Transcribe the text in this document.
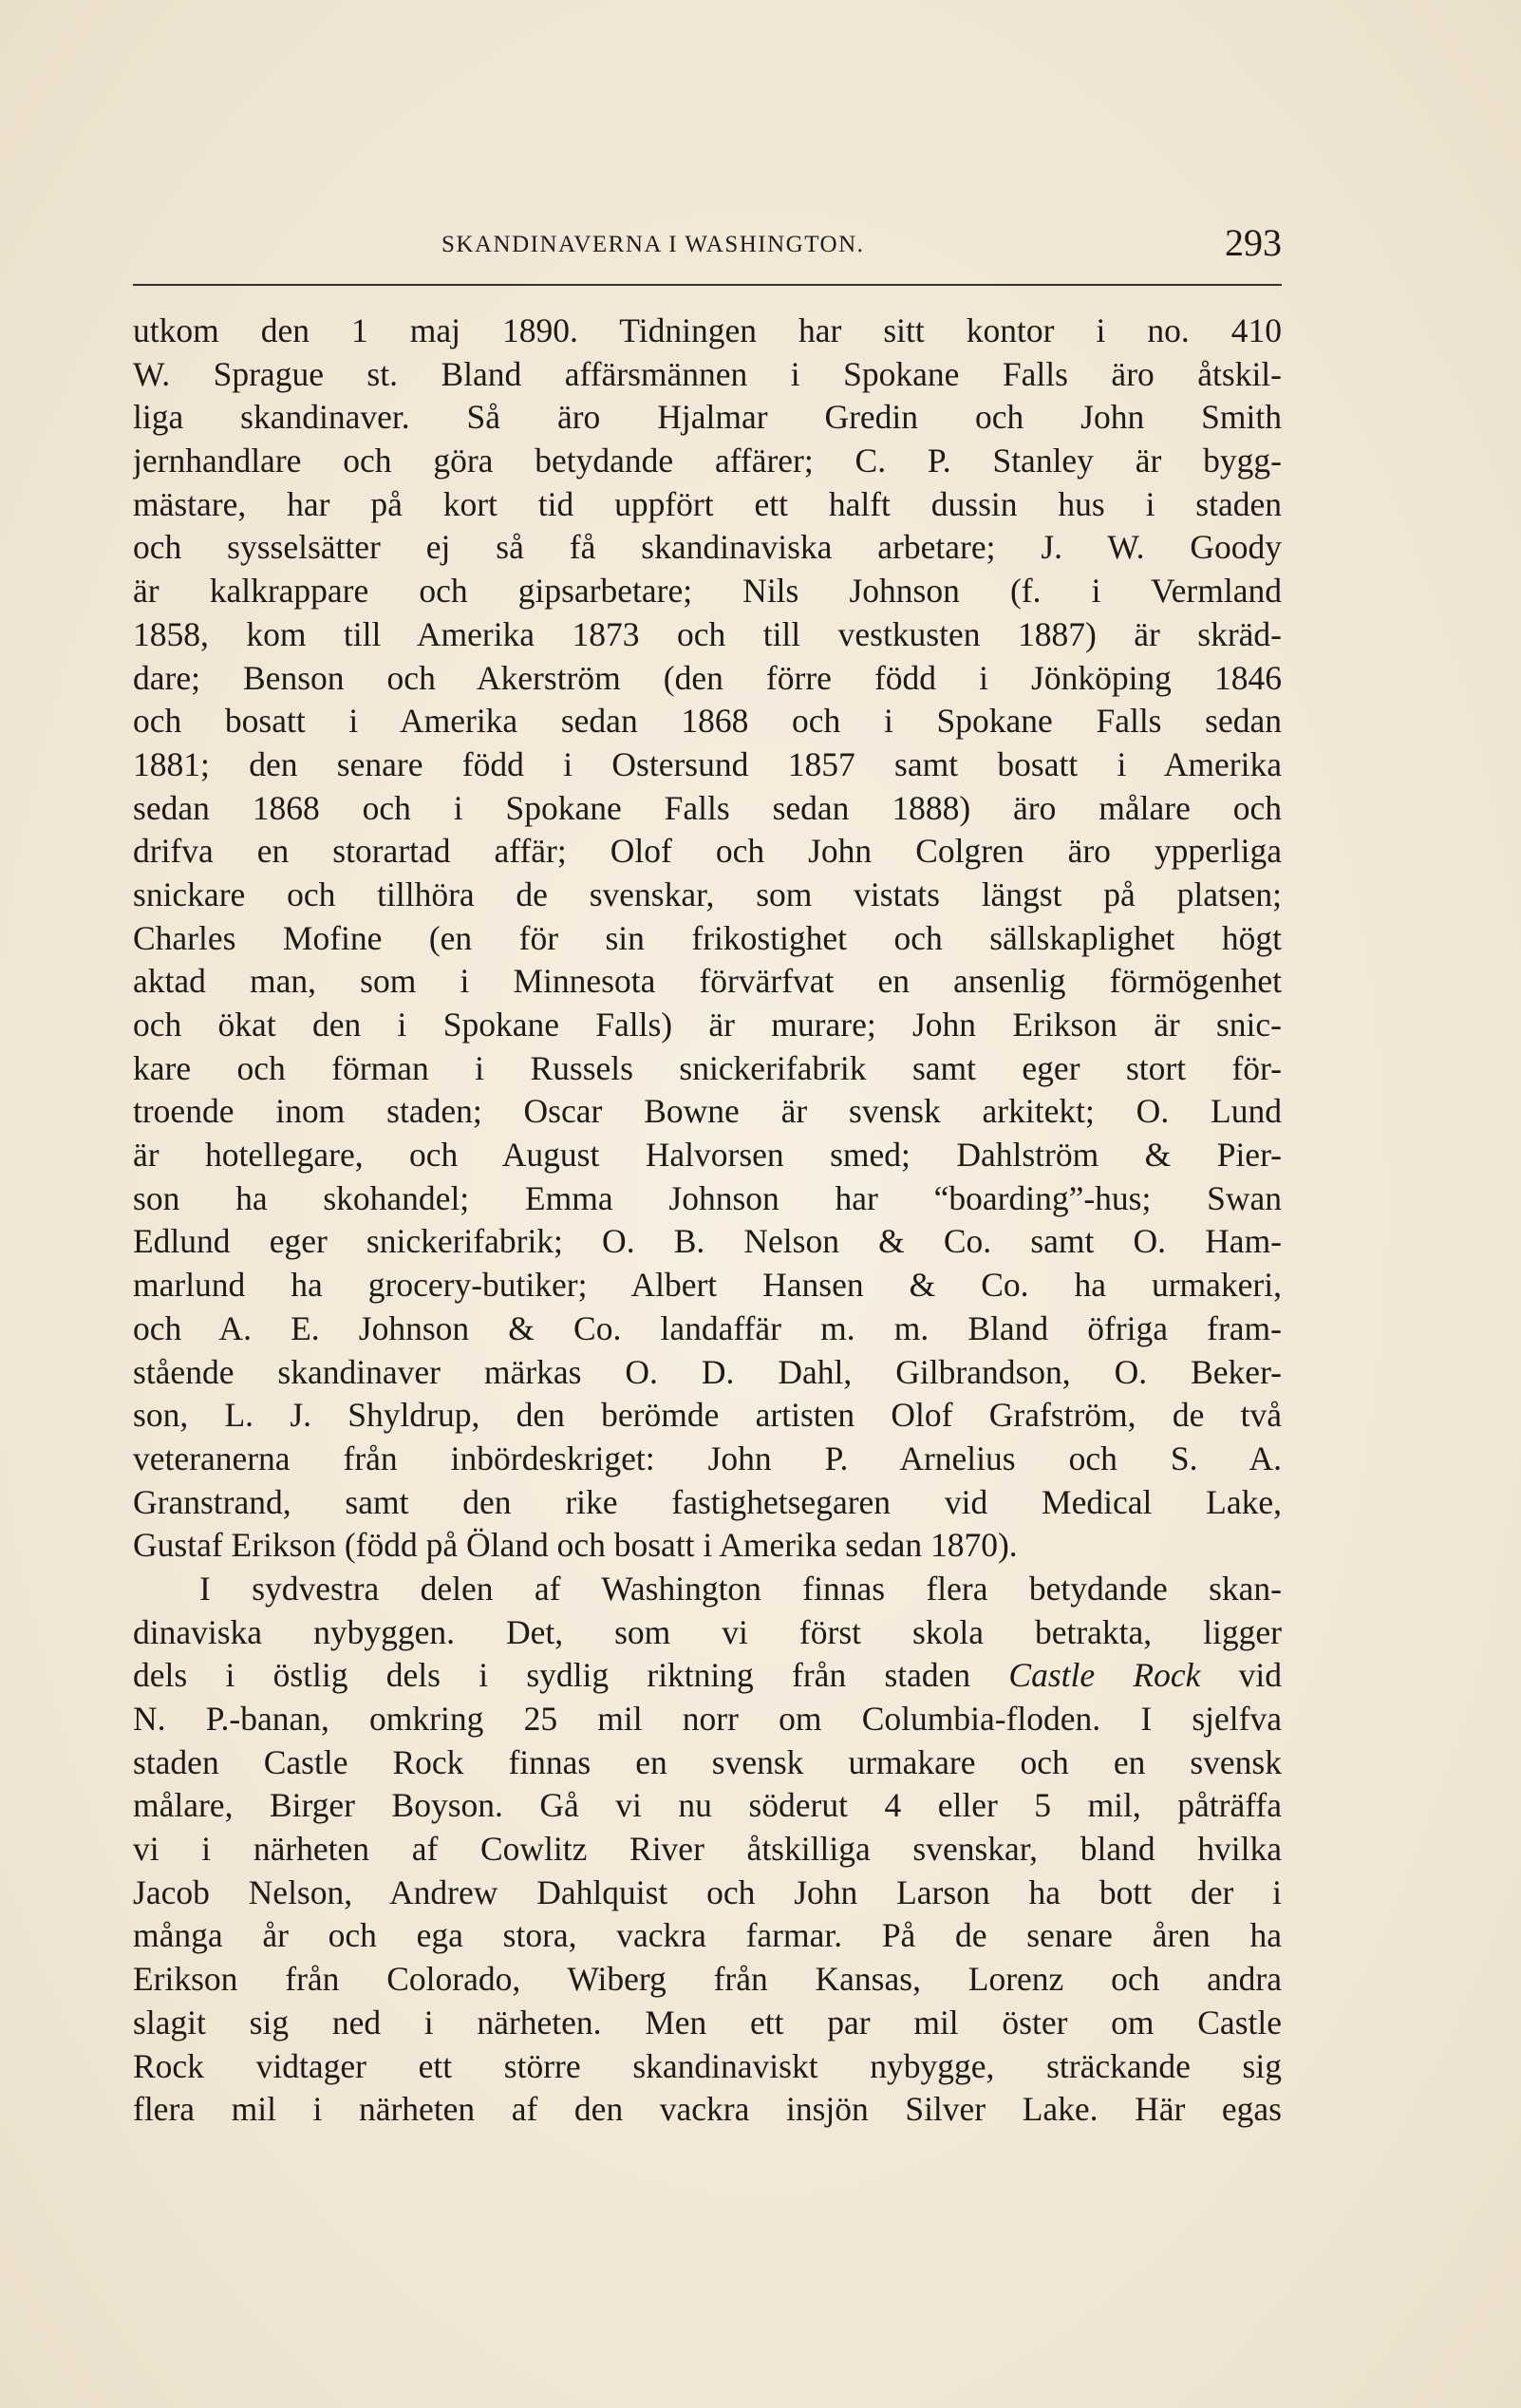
SKANDINAVERNA I WASHINGTON.	293
utkom den 1 maj 1890. Tidningen har sitt kontor i no. 410
W. Sprague st. Bland affärsmännen i Spokane Falls äro åtskil-
liga skandinaver. Så äro Hjalmar Gredin och John Smith
jernhandlare och göra betydande affärer; C. P. Stanley är bygg-
mästare, har på kort tid uppfört ett halft dussin hus i staden
och sysselsätter ej så få skandinaviska arbetare; J. W. Goody
är kalkrappare och gipsarbetare; Nils Johnson (f. i Vermland
1858, kom till Amerika 1873 och till vestkusten 1887) är skräd-
dare; Benson och Akerström (den förre född i Jönköping 1846
och bosatt i Amerika sedan 1868 och i Spokane Falls sedan
1881; den senare född i Ostersund 1857 samt bosatt i Amerika
sedan 1868 och i Spokane Falls sedan 1888) äro målare och
drifva en storartad affär; Olof och John Colgren äro ypperliga
snickare och tillhöra de svenskar, som vistats längst på platsen;
Charles Mofine (en för sin frikostighet och sällskaplighet högt
aktad man, som i Minnesota förvärfvat en ansenlig förmögenhet
och ökat den i Spokane Falls) är murare; John Erikson är snic-
kare och förman i Russels snickerifabrik samt eger stort för-
troende inom staden; Oscar Bowne är svensk arkitekt; O. Lund
är hotellegare, och August Halvorsen smed; Dahlström & Pier-
son ha skohandel; Emma Johnson har “boarding”-hus; Swan
Edlund eger snickerifabrik; O. B. Nelson & Co. samt O. Ham-
marlund ha grocery-butiker; Albert Hansen & Co. ha urmakeri,
och A. E. Johnson & Co. landaffär m. m. Bland öfriga fram-
stående skandinaver märkas O. D. Dahl, Gilbrandson, O. Beker-
son, L. J. Shyldrup, den berömde artisten Olof Grafström, de två
veteranerna från inbördeskriget: John P. Arnelius och S. A.
Granstrand, samt den rike fastighetsegaren vid Medical Lake,
Gustaf Erikson (född på Öland och bosatt i Amerika sedan 1870).
I sydvestra delen af Washington finnas flera betydande skan-
dinaviska nybyggen. Det, som vi först skola betrakta, ligger
dels i östlig dels i sydlig riktning från staden Castle Rock vid
N. P.-banan, omkring 25 mil norr om Columbia-floden. I sjelfva
staden Castle Rock finnas en svensk urmakare och en svensk
målare, Birger Boyson. Gå vi nu söderut 4 eller 5 mil, påträffa
vi i närheten af Cowlitz River åtskilliga svenskar, bland hvilka
Jacob Nelson, Andrew Dahlquist och John Larson ha bott der i
många år och ega stora, vackra farmar. På de senare åren ha
Erikson från Colorado, Wiberg från Kansas, Lorenz och andra
slagit sig ned i närheten. Men ett par mil öster om Castle
Rock vidtager ett större skandinaviskt nybygge, sträckande sig
flera mil i närheten af den vackra insjön Silver Lake. Här egas
